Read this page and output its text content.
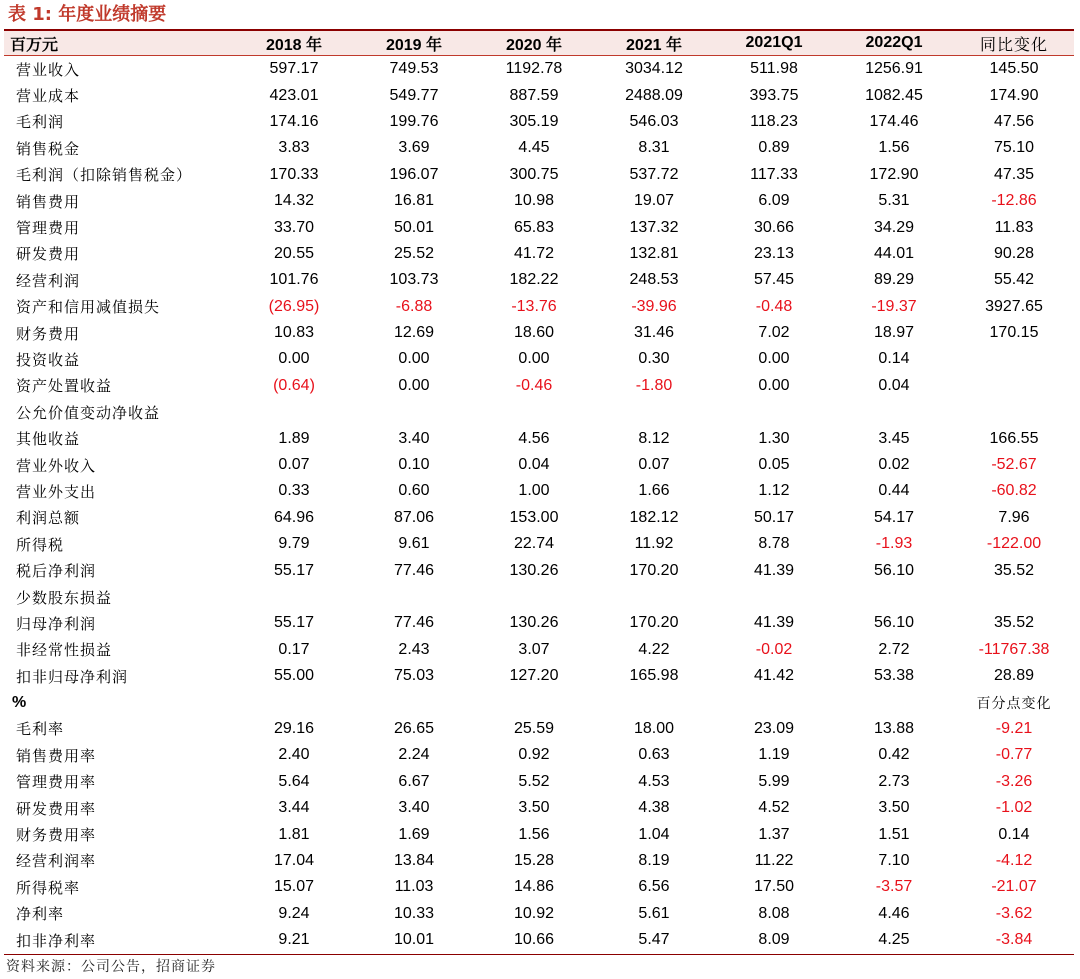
表 1: 年度业绩摘要
百万元	2018 年	2019 年	2020 年	2021 年	2021Q1	2022Q1	同比变化
营业收入	597.17	749.53	1192.78	3034.12	511.98	1256.91	145.50
营业成本	423.01	549.77	887.59	2488.09	393.75	1082.45	174.90
毛利润	174.16	199.76	305.19	546.03	118.23	174.46	47.56
销售税金	3.83	3.69	4.45	8.31	0.89	1.56	75.10
毛利润（扣除销售税金）	170.33	196.07	300.75	537.72	117.33	172.90	47.35
销售费用	14.32	16.81	10.98	19.07	6.09	5.31	-12.86
管理费用	33.70	50.01	65.83	137.32	30.66	34.29	11.83
研发费用	20.55	25.52	41.72	132.81	23.13	44.01	90.28
经营利润	101.76	103.73	182.22	248.53	57.45	89.29	55.42
资产和信用减值损失	(26.95)	-6.88	-13.76	-39.96	-0.48	-19.37	3927.65
财务费用	10.83	12.69	18.60	31.46	7.02	18.97	170.15
投资收益	0.00	0.00	0.00	0.30	0.00	0.14	
资产处置收益	(0.64)	0.00	-0.46	-1.80	0.00	0.04	
公允价值变动净收益							
其他收益	1.89	3.40	4.56	8.12	1.30	3.45	166.55
营业外收入	0.07	0.10	0.04	0.07	0.05	0.02	-52.67
营业外支出	0.33	0.60	1.00	1.66	1.12	0.44	-60.82
利润总额	64.96	87.06	153.00	182.12	50.17	54.17	7.96
所得税	9.79	9.61	22.74	11.92	8.78	-1.93	-122.00
税后净利润	55.17	77.46	130.26	170.20	41.39	56.10	35.52
少数股东损益							
归母净利润	55.17	77.46	130.26	170.20	41.39	56.10	35.52
非经常性损益	0.17	2.43	3.07	4.22	-0.02	2.72	-11767.38
扣非归母净利润	55.00	75.03	127.20	165.98	41.42	53.38	28.89
%							百分点变化
毛利率	29.16	26.65	25.59	18.00	23.09	13.88	-9.21
销售费用率	2.40	2.24	0.92	0.63	1.19	0.42	-0.77
管理费用率	5.64	6.67	5.52	4.53	5.99	2.73	-3.26
研发费用率	3.44	3.40	3.50	4.38	4.52	3.50	-1.02
财务费用率	1.81	1.69	1.56	1.04	1.37	1.51	0.14
经营利润率	17.04	13.84	15.28	8.19	11.22	7.10	-4.12
所得税率	15.07	11.03	14.86	6.56	17.50	-3.57	-21.07
净利率	9.24	10.33	10.92	5.61	8.08	4.46	-3.62
扣非净利率	9.21	10.01	10.66	5.47	8.09	4.25	-3.84
资料来源：公司公告，招商证券
